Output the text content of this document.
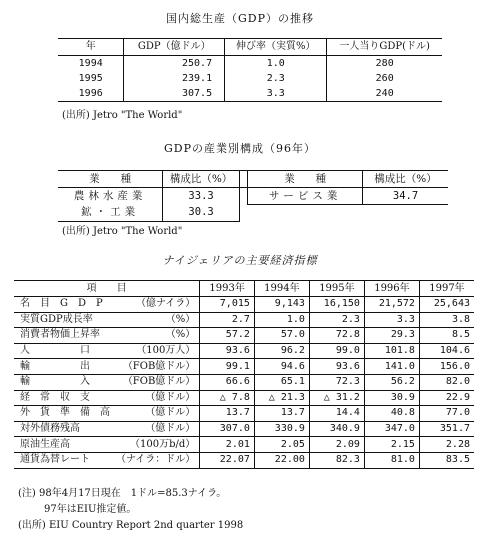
国内総生産（GDP）の推移
年	GDP（億ドル）	伸び率（実質%）	一人当りGDP(ドル)
1994	250.7	1.0	280
1995	239.1	2.3	260
1996	307.5	3.3	240
(出所) Jetro "The World"
GDPの産業別構成（96年）
業　　種	構成比（%）		業　　種	構成比（%）
農林水産業	33.3		サービス業	34.7
鉱・工業	30.3			
(出所) Jetro "The World"
ナイジェリアの主要経済指標
項　　目		1993年	1994年	1995年	1996年	1997年
名　目　G　D　P	（億ナイラ）	7,015	9,143	16,150	21,572	25,643
実質GDP成長率	（%）	2.7	1.0	2.3	3.3	3.8
消費者物価上昇率	（%）	57.2	57.0	72.8	29.3	8.5
人　　　　　口	（100万人）	93.6	96.2	99.0	101.8	104.6
輸　　　　　出	（FOB億ドル）	99.1	94.6	93.6	141.0	156.0
輸　　　　　入	（FOB億ドル）	66.6	65.1	72.3	56.2	82.0
経　常　収　支	（億ドル）	△ 7.8	△ 21.3	△ 31.2	30.9	22.9
外　貨　準　備　高	（億ドル）	13.7	13.7	14.4	40.8	77.0
対外債務残高	（億ドル）	307.0	330.9	340.9	347.0	351.7
原油生産高	（100万b/d）	2.01	2.05	2.09	2.15	2.28
通貨為替レート	（ナイラ：ドル）	22.07	22.00	82.3	81.0	83.5
(注) 98年4月17日現在　1ドル=85.3ナイラ。
97年はEIU推定値。
(出所) EIU Country Report 2nd quarter 1998
